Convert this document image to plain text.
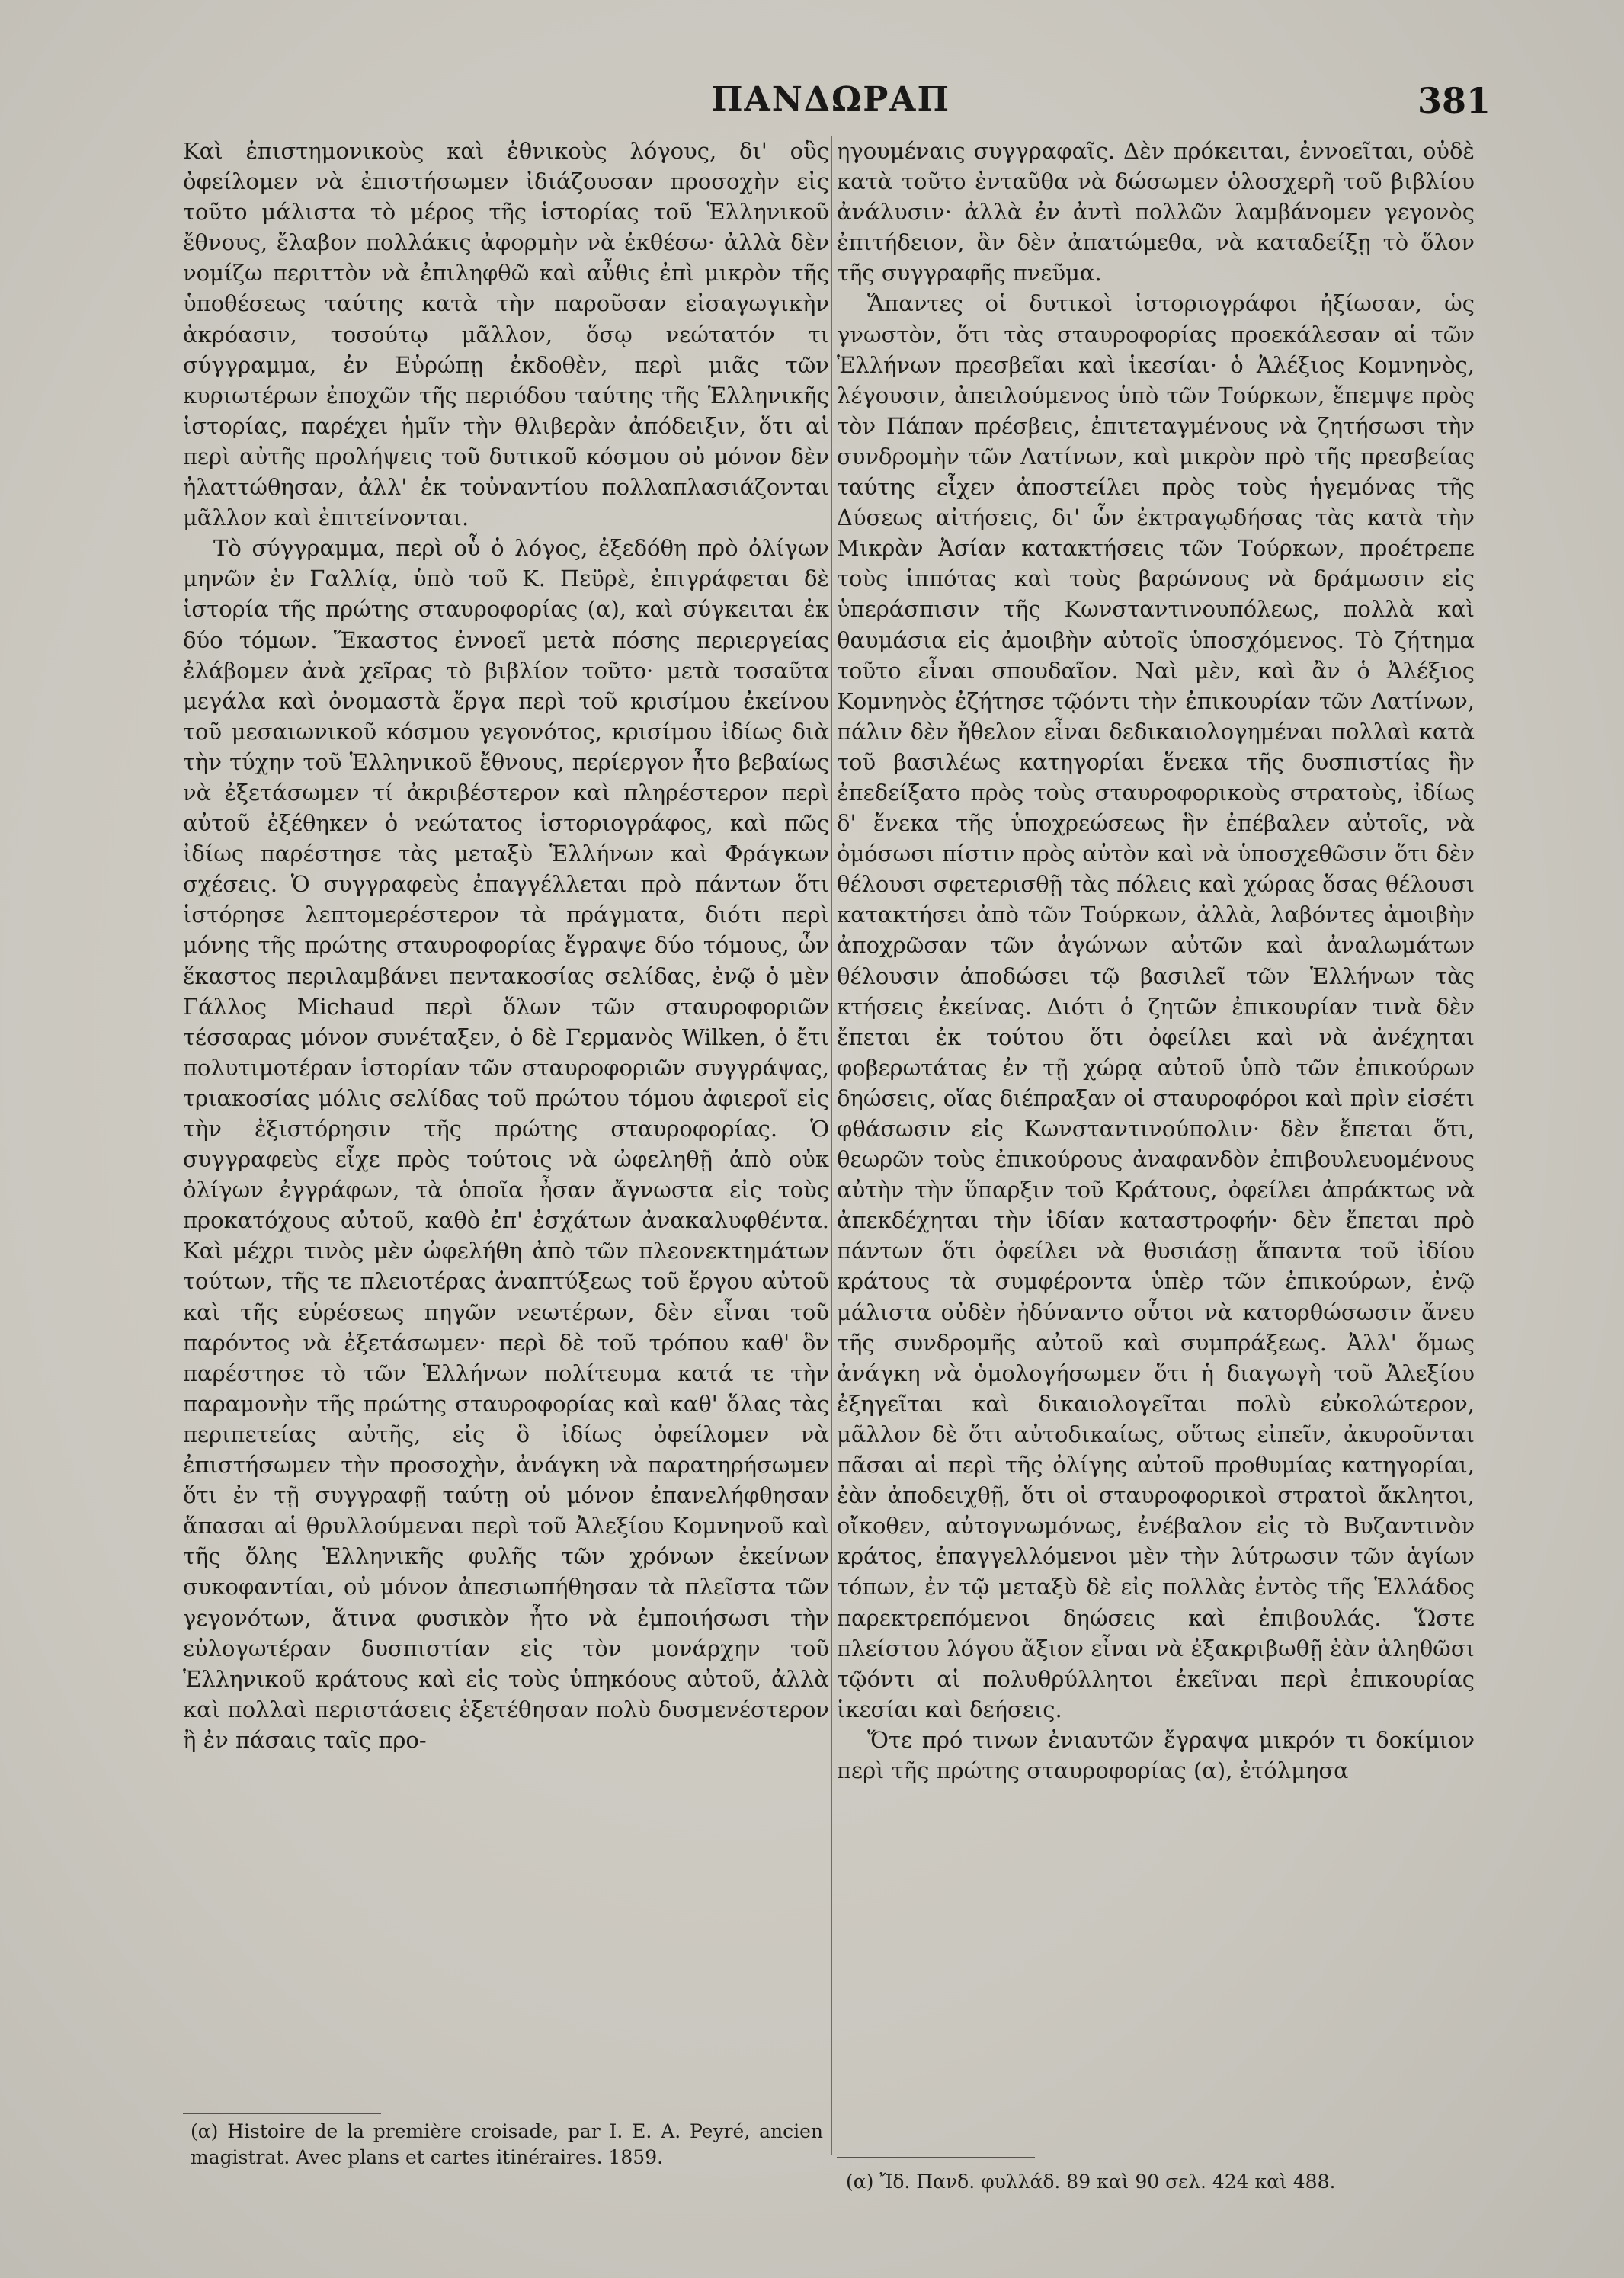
ΠΑΝΔΩΡΑΠ	381

Καὶ ἐπιστημονικοὺς καὶ ἐθνικοὺς λόγους, δι' οὓς ὀφείλομεν νὰ ἐπιστήσωμεν ἰδιάζουσαν προσοχὴν εἰς τοῦτο μάλιστα τὸ μέρος τῆς ἱστορίας τοῦ Ἑλληνικοῦ ἔθνους, ἔλαβον πολλάκις ἀφορμὴν νὰ ἐκθέσω· ἀλλὰ δὲν νομίζω περιττὸν νὰ ἐπιληφθῶ καὶ αὖθις ἐπὶ μικρὸν τῆς ὑποθέσεως ταύτης κατὰ τὴν παροῦσαν εἰσαγωγικὴν ἀκρόασιν, τοσούτῳ μᾶλλον, ὅσῳ νεώτατόν τι σύγγραμμα, ἐν Εὐρώπῃ ἐκδοθὲν, περὶ μιᾶς τῶν κυριωτέρων ἐποχῶν τῆς περιόδου ταύτης τῆς Ἑλληνικῆς ἱστορίας, παρέχει ἡμῖν τὴν θλιβερὰν ἀπόδειξιν, ὅτι αἱ περὶ αὐτῆς προλήψεις τοῦ δυτικοῦ κόσμου οὐ μόνον δὲν ἠλαττώθησαν, ἀλλ' ἐκ τοὐναντίου πολλαπλασιάζονται μᾶλλον καὶ ἐπιτείνονται.

Τὸ σύγγραμμα, περὶ οὗ ὁ λόγος, ἐξεδόθη πρὸ ὀλίγων μηνῶν ἐν Γαλλίᾳ, ὑπὸ τοῦ Κ. Πεϋρὲ, ἐπιγράφεται δὲ ἱστορία τῆς πρώτης σταυροφορίας (α), καὶ σύγκειται ἐκ δύο τόμων. Ἕκαστος ἐννοεῖ μετὰ πόσης περιεργείας ἐλάβομεν ἀνὰ χεῖρας τὸ βιβλίον τοῦτο· μετὰ τοσαῦτα μεγάλα καὶ ὀνομαστὰ ἔργα περὶ τοῦ κρισίμου ἐκείνου τοῦ μεσαιωνικοῦ κόσμου γεγονότος, κρισίμου ἰδίως διὰ τὴν τύχην τοῦ Ἑλληνικοῦ ἔθνους, περίεργον ἦτο βεβαίως νὰ ἐξετάσωμεν τί ἀκριβέστερον καὶ πληρέστερον περὶ αὐτοῦ ἐξέθηκεν ὁ νεώτατος ἱστοριογράφος, καὶ πῶς ἰδίως παρέστησε τὰς μεταξὺ Ἑλλήνων καὶ Φράγκων σχέσεις. Ὁ συγγραφεὺς ἐπαγγέλλεται πρὸ πάντων ὅτι ἱστόρησε λεπτομερέστερον τὰ πράγματα, διότι περὶ μόνης τῆς πρώτης σταυροφορίας ἔγραψε δύο τόμους, ὧν ἕκαστος περιλαμβάνει πεντακοσίας σελίδας, ἐνῷ ὁ μὲν Γάλλος Michaud περὶ ὅλων τῶν σταυροφοριῶν τέσσαρας μόνον συνέταξεν, ὁ δὲ Γερμανὸς Wilken, ὁ ἔτι πολυτιμοτέραν ἱστορίαν τῶν σταυροφοριῶν συγγράψας, τριακοσίας μόλις σελίδας τοῦ πρώτου τόμου ἀφιεροῖ εἰς τὴν ἐξιστόρησιν τῆς πρώτης σταυροφορίας. Ὁ συγγραφεὺς εἶχε πρὸς τούτοις νὰ ὠφεληθῇ ἀπὸ οὐκ ὀλίγων ἐγγράφων, τὰ ὁποῖα ἦσαν ἄγνωστα εἰς τοὺς προκατόχους αὐτοῦ, καθὸ ἐπ' ἐσχάτων ἀνακαλυφθέντα. Καὶ μέχρι τινὸς μὲν ὠφελήθη ἀπὸ τῶν πλεονεκτημάτων τούτων, τῆς τε πλειοτέρας ἀναπτύξεως τοῦ ἔργου αὐτοῦ καὶ τῆς εὑρέσεως πηγῶν νεωτέρων, δὲν εἶναι τοῦ παρόντος νὰ ἐξετάσωμεν· περὶ δὲ τοῦ τρόπου καθ' ὃν παρέστησε τὸ τῶν Ἑλλήνων πολίτευμα κατά τε τὴν παραμονὴν τῆς πρώτης σταυροφορίας καὶ καθ' ὅλας τὰς περιπετείας αὐτῆς, εἰς ὃ ἰδίως ὀφείλομεν νὰ ἐπιστήσωμεν τὴν προσοχὴν, ἀνάγκη νὰ παρατηρήσωμεν ὅτι ἐν τῇ συγγραφῇ ταύτῃ οὐ μόνον ἐπανελήφθησαν ἅπασαι αἱ θρυλλούμεναι περὶ τοῦ Ἀλεξίου Κομνηνοῦ καὶ τῆς ὅλης Ἑλληνικῆς φυλῆς τῶν χρόνων ἐκείνων συκοφαντίαι, οὐ μόνον ἀπεσιωπήθησαν τὰ πλεῖστα τῶν γεγονότων, ἅτινα φυσικὸν ἦτο νὰ ἐμποιήσωσι τὴν εὐλογωτέραν δυσπιστίαν εἰς τὸν μονάρχην τοῦ Ἑλληνικοῦ κράτους καὶ εἰς τοὺς ὑπηκόους αὐτοῦ, ἀλλὰ καὶ πολλαὶ περιστάσεις ἐξετέθησαν πολὺ δυσμενέστερον ἢ ἐν πάσαις ταῖς προ-

ηγουμέναις συγγραφαῖς. Δὲν πρόκειται, ἐννοεῖται, οὐδὲ κατὰ τοῦτο ἐνταῦθα νὰ δώσωμεν ὁλοσχερῆ τοῦ βιβλίου ἀνάλυσιν· ἀλλὰ ἐν ἀντὶ πολλῶν λαμβάνομεν γεγονὸς ἐπιτήδειον, ἂν δὲν ἀπατώμεθα, νὰ καταδείξῃ τὸ ὅλον τῆς συγγραφῆς πνεῦμα.

Ἅπαντες οἱ δυτικοὶ ἱστοριογράφοι ἠξίωσαν, ὡς γνωστὸν, ὅτι τὰς σταυροφορίας προεκάλεσαν αἱ τῶν Ἑλλήνων πρεσβεῖαι καὶ ἱκεσίαι· ὁ Ἀλέξιος Κομνηνὸς, λέγουσιν, ἀπειλούμενος ὑπὸ τῶν Τούρκων, ἔπεμψε πρὸς τὸν Πάπαν πρέσβεις, ἐπιτεταγμένους νὰ ζητήσωσι τὴν συνδρομὴν τῶν Λατίνων, καὶ μικρὸν πρὸ τῆς πρεσβείας ταύτης εἶχεν ἀποστείλει πρὸς τοὺς ἡγεμόνας τῆς Δύσεως αἰτήσεις, δι' ὧν ἐκτραγῳδήσας τὰς κατὰ τὴν Μικρὰν Ἀσίαν κατακτήσεις τῶν Τούρκων, προέτρεπε τοὺς ἱππότας καὶ τοὺς βαρώνους νὰ δράμωσιν εἰς ὑπεράσπισιν τῆς Κωνσταντινουπόλεως, πολλὰ καὶ θαυμάσια εἰς ἀμοιβὴν αὐτοῖς ὑποσχόμενος. Τὸ ζήτημα τοῦτο εἶναι σπουδαῖον. Ναὶ μὲν, καὶ ἂν ὁ Ἀλέξιος Κομνηνὸς ἐζήτησε τῷόντι τὴν ἐπικουρίαν τῶν Λατίνων, πάλιν δὲν ἤθελον εἶναι δεδικαιολογημέναι πολλαὶ κατὰ τοῦ βασιλέως κατηγορίαι ἕνεκα τῆς δυσπιστίας ἣν ἐπεδείξατο πρὸς τοὺς σταυροφορικοὺς στρατοὺς, ἰδίως δ' ἕνεκα τῆς ὑποχρεώσεως ἣν ἐπέβαλεν αὐτοῖς, νὰ ὀμόσωσι πίστιν πρὸς αὐτὸν καὶ νὰ ὑποσχεθῶσιν ὅτι δὲν θέλουσι σφετερισθῇ τὰς πόλεις καὶ χώρας ὅσας θέλουσι κατακτήσει ἀπὸ τῶν Τούρκων, ἀλλὰ, λαβόντες ἀμοιβὴν ἀποχρῶσαν τῶν ἀγώνων αὐτῶν καὶ ἀναλωμάτων θέλουσιν ἀποδώσει τῷ βασιλεῖ τῶν Ἑλλήνων τὰς κτήσεις ἐκείνας. Διότι ὁ ζητῶν ἐπικουρίαν τινὰ δὲν ἔπεται ἐκ τούτου ὅτι ὀφείλει καὶ νὰ ἀνέχηται φοβερωτάτας ἐν τῇ χώρᾳ αὐτοῦ ὑπὸ τῶν ἐπικούρων δηώσεις, οἵας διέπραξαν οἱ σταυροφόροι καὶ πρὶν εἰσέτι φθάσωσιν εἰς Κωνσταντινούπολιν· δὲν ἔπεται ὅτι, θεωρῶν τοὺς ἐπικούρους ἀναφανδὸν ἐπιβουλευομένους αὐτὴν τὴν ὕπαρξιν τοῦ Κράτους, ὀφείλει ἀπράκτως νὰ ἀπεκδέχηται τὴν ἰδίαν καταστροφήν· δὲν ἔπεται πρὸ πάντων ὅτι ὀφείλει νὰ θυσιάσῃ ἅπαντα τοῦ ἰδίου κράτους τὰ συμφέροντα ὑπὲρ τῶν ἐπικούρων, ἐνῷ μάλιστα οὐδὲν ἠδύναντο οὗτοι νὰ κατορθώσωσιν ἄνευ τῆς συνδρομῆς αὐτοῦ καὶ συμπράξεως. Ἀλλ' ὅμως ἀνάγκη νὰ ὁμολογήσωμεν ὅτι ἡ διαγωγὴ τοῦ Ἀλεξίου ἐξηγεῖται καὶ δικαιολογεῖται πολὺ εὐκολώτερον, μᾶλλον δὲ ὅτι αὐτοδικαίως, οὕτως εἰπεῖν, ἀκυροῦνται πᾶσαι αἱ περὶ τῆς ὀλίγης αὐτοῦ προθυμίας κατηγορίαι, ἐὰν ἀποδειχθῇ, ὅτι οἱ σταυροφορικοὶ στρατοὶ ἄκλητοι, οἴκοθεν, αὐτογνωμόνως, ἐνέβαλον εἰς τὸ Βυζαντινὸν κράτος, ἐπαγγελλόμενοι μὲν τὴν λύτρωσιν τῶν ἁγίων τόπων, ἐν τῷ μεταξὺ δὲ εἰς πολλὰς ἐντὸς τῆς Ἑλλάδος παρεκτρεπόμενοι δηώσεις καὶ ἐπιβουλάς. Ὥστε πλείστου λόγου ἄξιον εἶναι νὰ ἐξακριβωθῇ ἐὰν ἀληθῶσι τῷόντι αἱ πολυθρύλλητοι ἐκεῖναι περὶ ἐπικουρίας ἱκεσίαι καὶ δεήσεις.

Ὅτε πρό τινων ἐνιαυτῶν ἔγραψα μικρόν τι δοκίμιον περὶ τῆς πρώτης σταυροφορίας (α), ἐτόλμησα

(α) Histoire de la première croisade, par I. E. A. Peyré, ancien magistrat. Avec plans et cartes itinéraires. 1859.
(α) Ἴδ. Πανδ. φυλλάδ. 89 καὶ 90 σελ. 424 καὶ 488.
